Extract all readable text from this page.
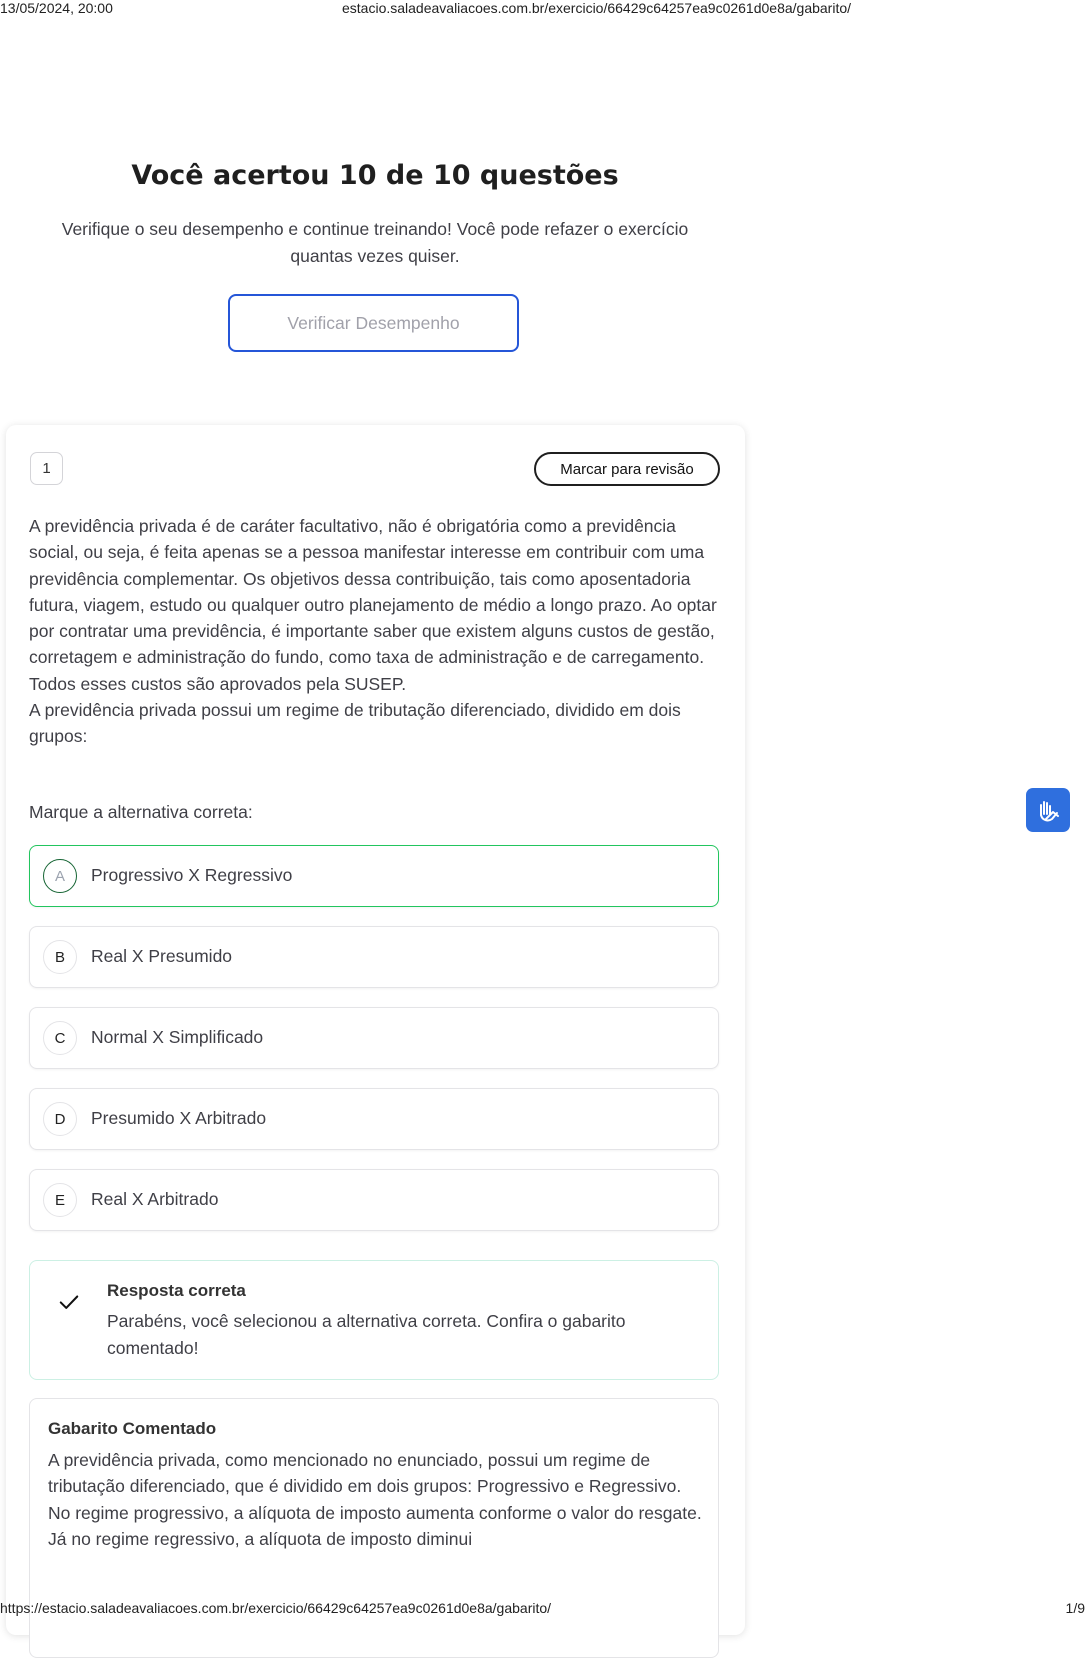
13/05/2024, 20:00	estacio.saladeavaliacoes.com.br/exercicio/66429c64257ea9c0261d0e8a/gabarito/
Você acertou 10 de 10 questões
Verifique o seu desempenho e continue treinando! Você pode refazer o exercício quantas vezes quiser.
Verificar Desempenho
1	Marcar para revisão

A previdência privada é de caráter facultativo, não é obrigatória como a previdência social, ou seja, é feita apenas se a pessoa manifestar interesse em contribuir com uma previdência complementar. Os objetivos dessa contribuição, tais como aposentadoria futura, viagem, estudo ou qualquer outro planejamento de médio a longo prazo. Ao optar por contratar uma previdência, é importante saber que existem alguns custos de gestão, corretagem e administração do fundo, como taxa de administração e de carregamento. Todos esses custos são aprovados pela SUSEP.

A previdência privada possui um regime de tributação diferenciado, dividido em dois grupos:

Marque a alternativa correta:
A	Progressivo X Regressivo
B	Real X Presumido
C	Normal X Simplificado
D	Presumido X Arbitrado
E	Real X Arbitrado
Resposta correta
Parabéns, você selecionou a alternativa correta. Confira o gabarito comentado!
Gabarito Comentado
A previdência privada, como mencionado no enunciado, possui um regime de tributação diferenciado, que é dividido em dois grupos: Progressivo e Regressivo. No regime progressivo, a alíquota de imposto aumenta conforme o valor do resgate. Já no regime regressivo, a alíquota de imposto diminui
https://estacio.saladeavaliacoes.com.br/exercicio/66429c64257ea9c0261d0e8a/gabarito/	1/9
